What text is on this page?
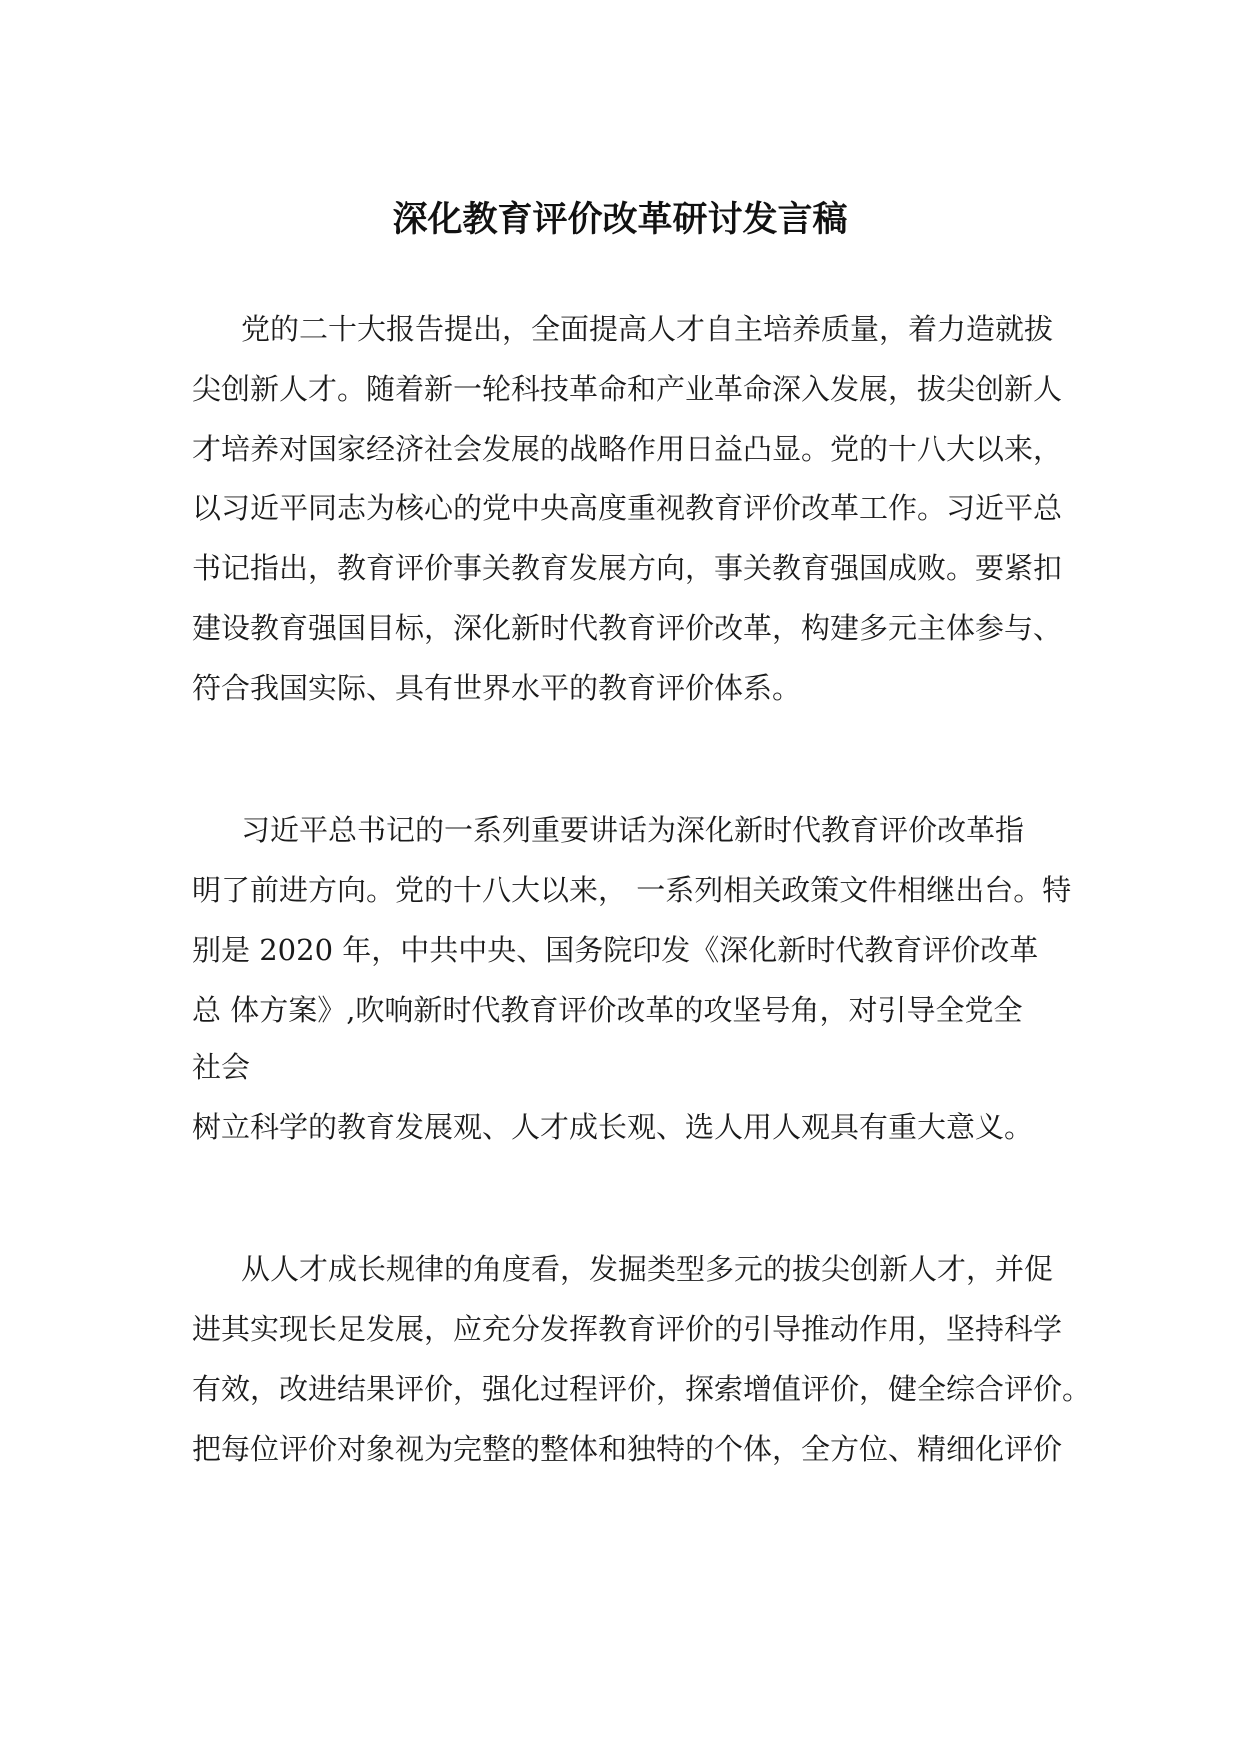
深化教育评价改革研讨发言稿

党的二十大报告提出，全面提高人才自主培养质量，着力造就拔

尖创新人才。随着新一轮科技革命和产业革命深入发展，拔尖创新人

才培养对国家经济社会发展的战略作用日益凸显。党的十八大以来，

以习近平同志为核心的党中央高度重视教育评价改革工作。习近平总

书记指出，教育评价事关教育发展方向，事关教育强国成败。要紧扣

建设教育强国目标，深化新时代教育评价改革，构建多元主体参与、

符合我国实际、具有世界水平的教育评价体系。

习近平总书记的一系列重要讲话为深化新时代教育评价改革指

明了前进方向。党的十八大以来， 一系列相关政策文件相继出台。特

别是 2020 年，中共中央、国务院印发《深化新时代教育评价改革

总 体方案》,吹响新时代教育评价改革的攻坚号角，对引导全党全

社会

树立科学的教育发展观、人才成长观、选人用人观具有重大意义。

从人才成长规律的角度看，发掘类型多元的拔尖创新人才，并促

进其实现长足发展，应充分发挥教育评价的引导推动作用，坚持科学

有效，改进结果评价，强化过程评价，探索增值评价，健全综合评价。

把每位评价对象视为完整的整体和独特的个体，全方位、精细化评价
